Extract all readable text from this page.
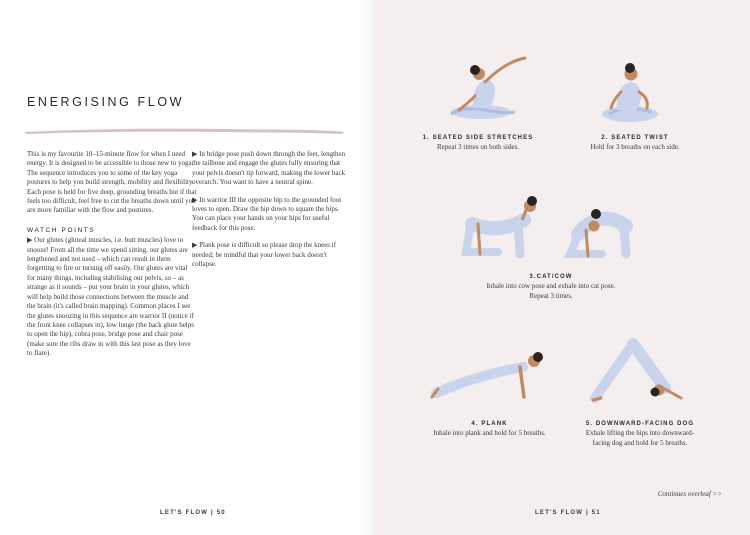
ENERGISING FLOW

This is my favourite 10–15-minute flow for when I need energy. It is designed to be accessible to those new to yoga. The sequence introduces you to some of the key yoga postures to help you build strength, mobility and flexibility. Each pose is held for five deep, grounding breaths but if that feels too difficult, feel free to cut the breaths down until you are more familiar with the flow and postures.

WATCH POINTS

▶ Our glutes (gluteal muscles, i.e. butt muscles) love to snooze! From all the time we spend sitting, our glutes are lengthened and not used – which can result in them forgetting to fire or turning off easily. Our glutes are vital for many things, including stabilising our pelvis, so – as strange as it sounds – put your brain in your glutes, which will help build those connections between the muscle and the brain (it's called brain mapping). Common places I see the glutes snoozing in this sequence are warrior II (notice if the front knee collapses in), low lunge (the back glute helps to open the hip), cobra pose, bridge pose and chair pose (make sure the ribs draw in with this last pose as they love to flare).

▶ In bridge pose push down through the feet, lengthen the tailbone and engage the glutes fully ensuring that your pelvis doesn't tip forward, making the lower back overarch. You want to have a neutral spine.

▶ In warrior III the opposite hip to the grounded foot loves to open. Draw the hip down to square the hips. You can place your hands on your hips for useful feedback for this pose.

▶ Plank pose is difficult so please drop the knees if needed; be mindful that your lower back doesn't collapse.

LET'S FLOW | 50
1. SEATED SIDE STRETCHES
Repeat 3 times on both sides.
2. SEATED TWIST
Hold for 3 breaths on each side.
3.CAT/COW
Inhale into cow pose and exhale into cat pose. Repeat 3 times.
4. PLANK
Inhale into plank and hold for 5 breaths.
5. DOWNWARD-FACING DOG
Exhale lifting the hips into downward-facing dog and hold for 5 breaths.
Continues overleaf >>
LET'S FLOW | 51
